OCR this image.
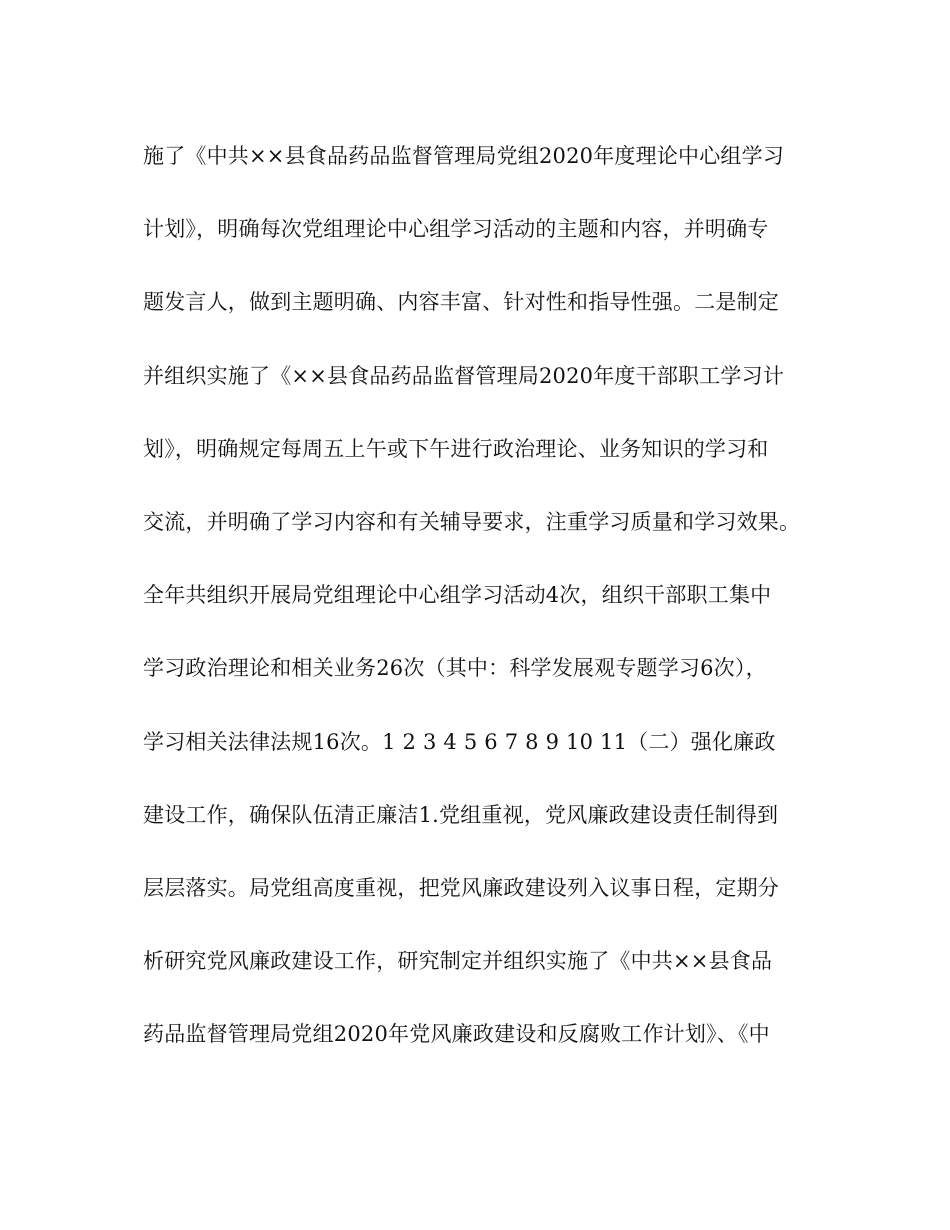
施了《中共××县食品药品监督管理局党组2020年度理论中心组学习
计划》，明确每次党组理论中心组学习活动的主题和内容，并明确专
题发言人，做到主题明确、内容丰富、针对性和指导性强。二是制定
并组织实施了《××县食品药品监督管理局2020年度干部职工学习计
划》，明确规定每周五上午或下午进行政治理论、业务知识的学习和
交流，并明确了学习内容和有关辅导要求，注重学习质量和学习效果。
全年共组织开展局党组理论中心组学习活动4次，组织干部职工集中
学习政治理论和相关业务26次（其中：科学发展观专题学习6次），
学习相关法律法规16次。1 2 3 4 5 6 7 8 9 10 11（二）强化廉政
建设工作，确保队伍清正廉洁1.党组重视，党风廉政建设责任制得到
层层落实。局党组高度重视，把党风廉政建设列入议事日程，定期分
析研究党风廉政建设工作，研究制定并组织实施了《中共××县食品
药品监督管理局党组2020年党风廉政建设和反腐败工作计划》、《中
